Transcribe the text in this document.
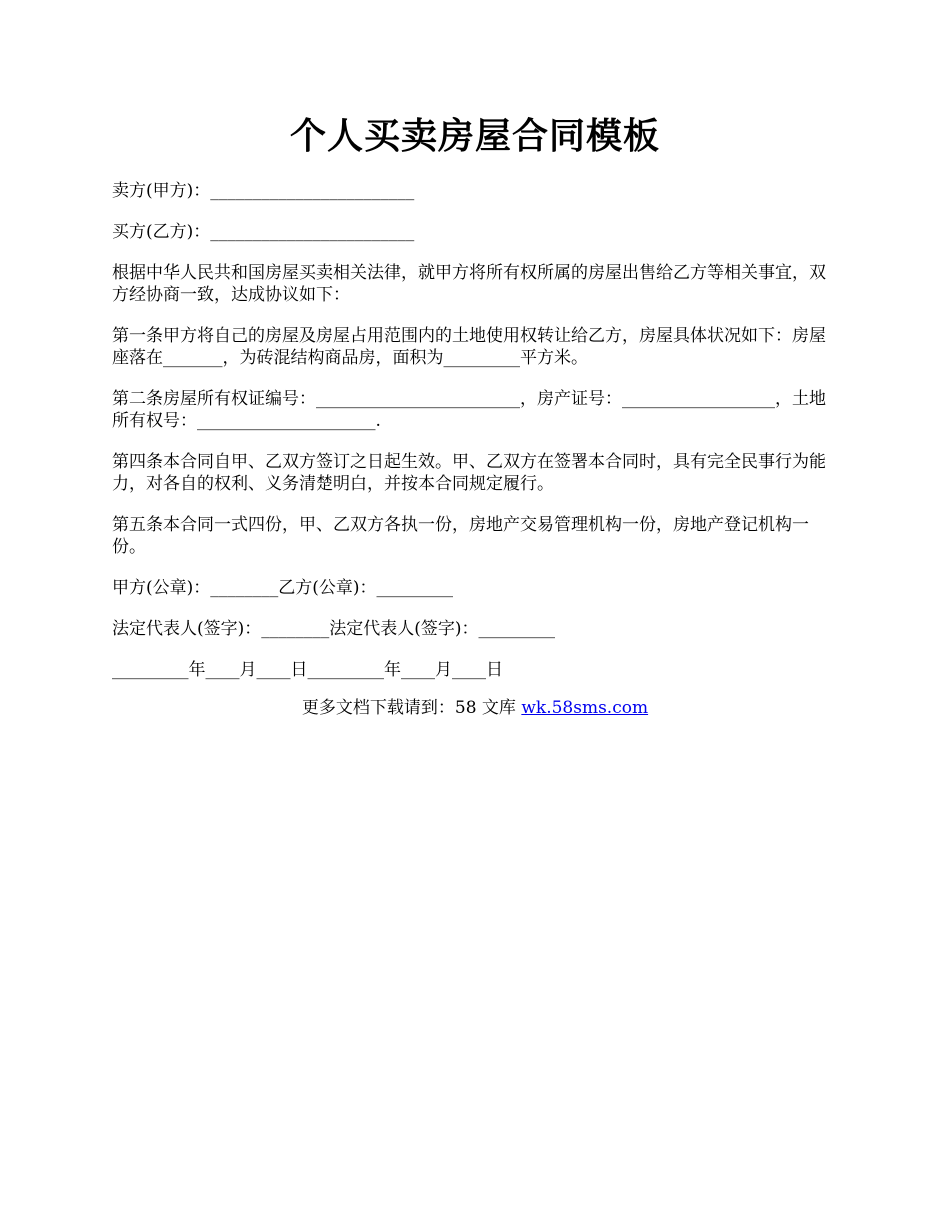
个人买卖房屋合同模板

卖方(甲方)：________________________

买方(乙方)：________________________

根据中华人民共和国房屋买卖相关法律，就甲方将所有权所属的房屋出售给乙方等相关事宜，双方经协商一致，达成协议如下：

第一条甲方将自己的房屋及房屋占用范围内的土地使用权转让给乙方，房屋具体状况如下：房屋座落在_______，为砖混结构商品房，面积为_________平方米。

第二条房屋所有权证编号：________________________，房产证号：__________________，土地所有权号：_____________________.

第四条本合同自甲、乙双方签订之日起生效。甲、乙双方在签署本合同时，具有完全民事行为能力，对各自的权利、义务清楚明白，并按本合同规定履行。

第五条本合同一式四份，甲、乙双方各执一份，房地产交易管理机构一份，房地产登记机构一份。

甲方(公章)：________乙方(公章)：_________

法定代表人(签字)：________法定代表人(签字)：_________

_________年____月____日_________年____月____日

更多文档下载请到：58 文库 wk.58sms.com
